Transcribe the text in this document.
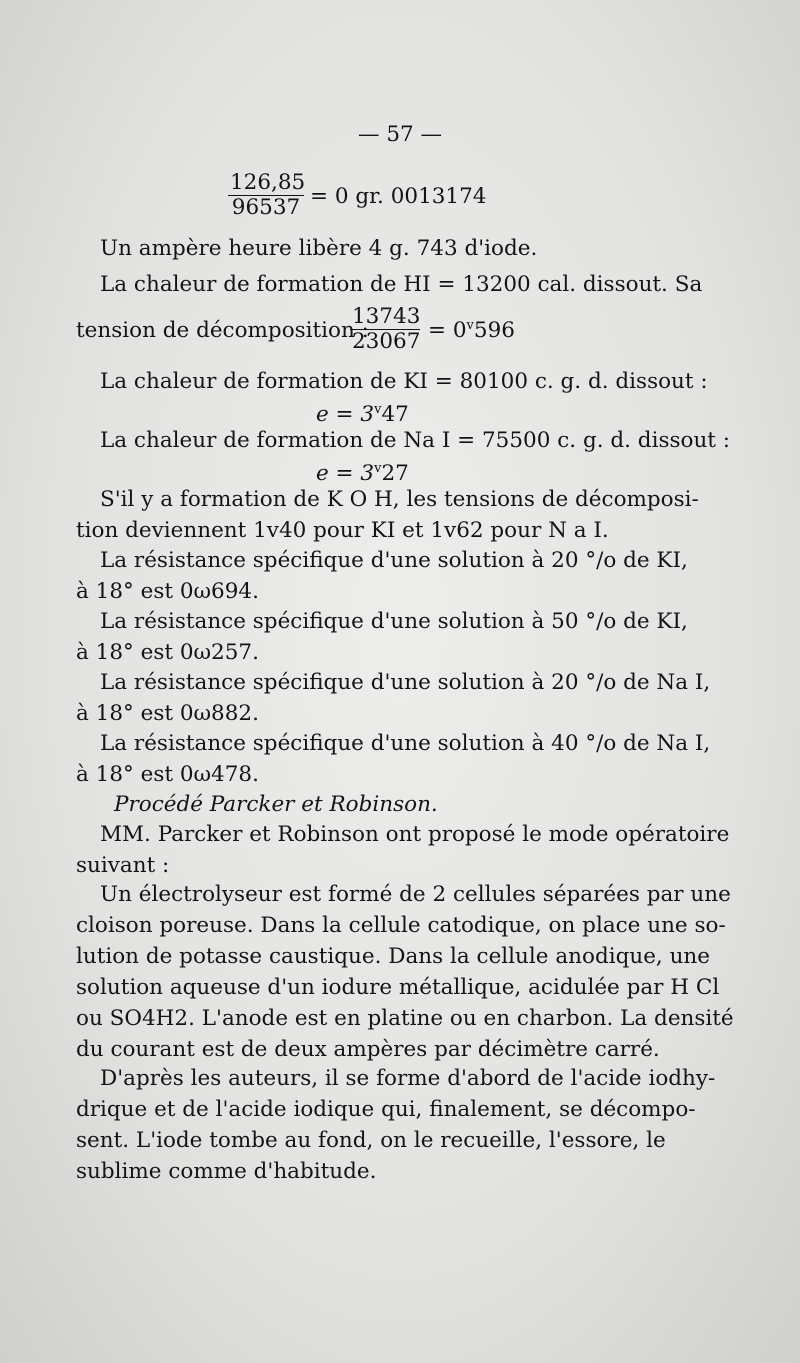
— 57 —
$\frac{126,85}{96537} = 0$ gr. 0013174
Un ampère heure libère 4 g. 743 d'iode.
La chaleur de formation de HI = 13200 cal. dissout. Sa
tension de décomposition :
$\frac{13743}{23067} = 0^v596$
La chaleur de formation de KI = 80100 c. g. d. dissout :
$e = 3^v47$
La chaleur de formation de Na I = 75500 c. g. d. dissout :
$e = 3^v27$
S'il y a formation de K O H, les tensions de décomposi-
tion deviennent 1v40 pour KI et 1v62 pour N a I.
La résistance spécifique d'une solution à 20 °/o de KI,
à 18° est 0ω694.
La résistance spécifique d'une solution à 50 °/o de KI,
à 18° est 0ω257.
La résistance spécifique d'une solution à 20 °/o de Na I,
à 18° est 0ω882.
La résistance spécifique d'une solution à 40 °/o de Na I,
à 18° est 0ω478.
Procédé Parcker et Robinson.
MM. Parcker et Robinson ont proposé le mode opératoire
suivant :
Un électrolyseur est formé de 2 cellules séparées par une
cloison poreuse. Dans la cellule catodique, on place une so-
lution de potasse caustique. Dans la cellule anodique, une
solution aqueuse d'un iodure métallique, acidulée par H Cl
ou SO4H2. L'anode est en platine ou en charbon. La densité
du courant est de deux ampères par décimètre carré.
D'après les auteurs, il se forme d'abord de l'acide iodhy-
drique et de l'acide iodique qui, finalement, se décompo-
sent. L'iode tombe au fond, on le recueille, l'essore, le
sublime comme d'habitude.
